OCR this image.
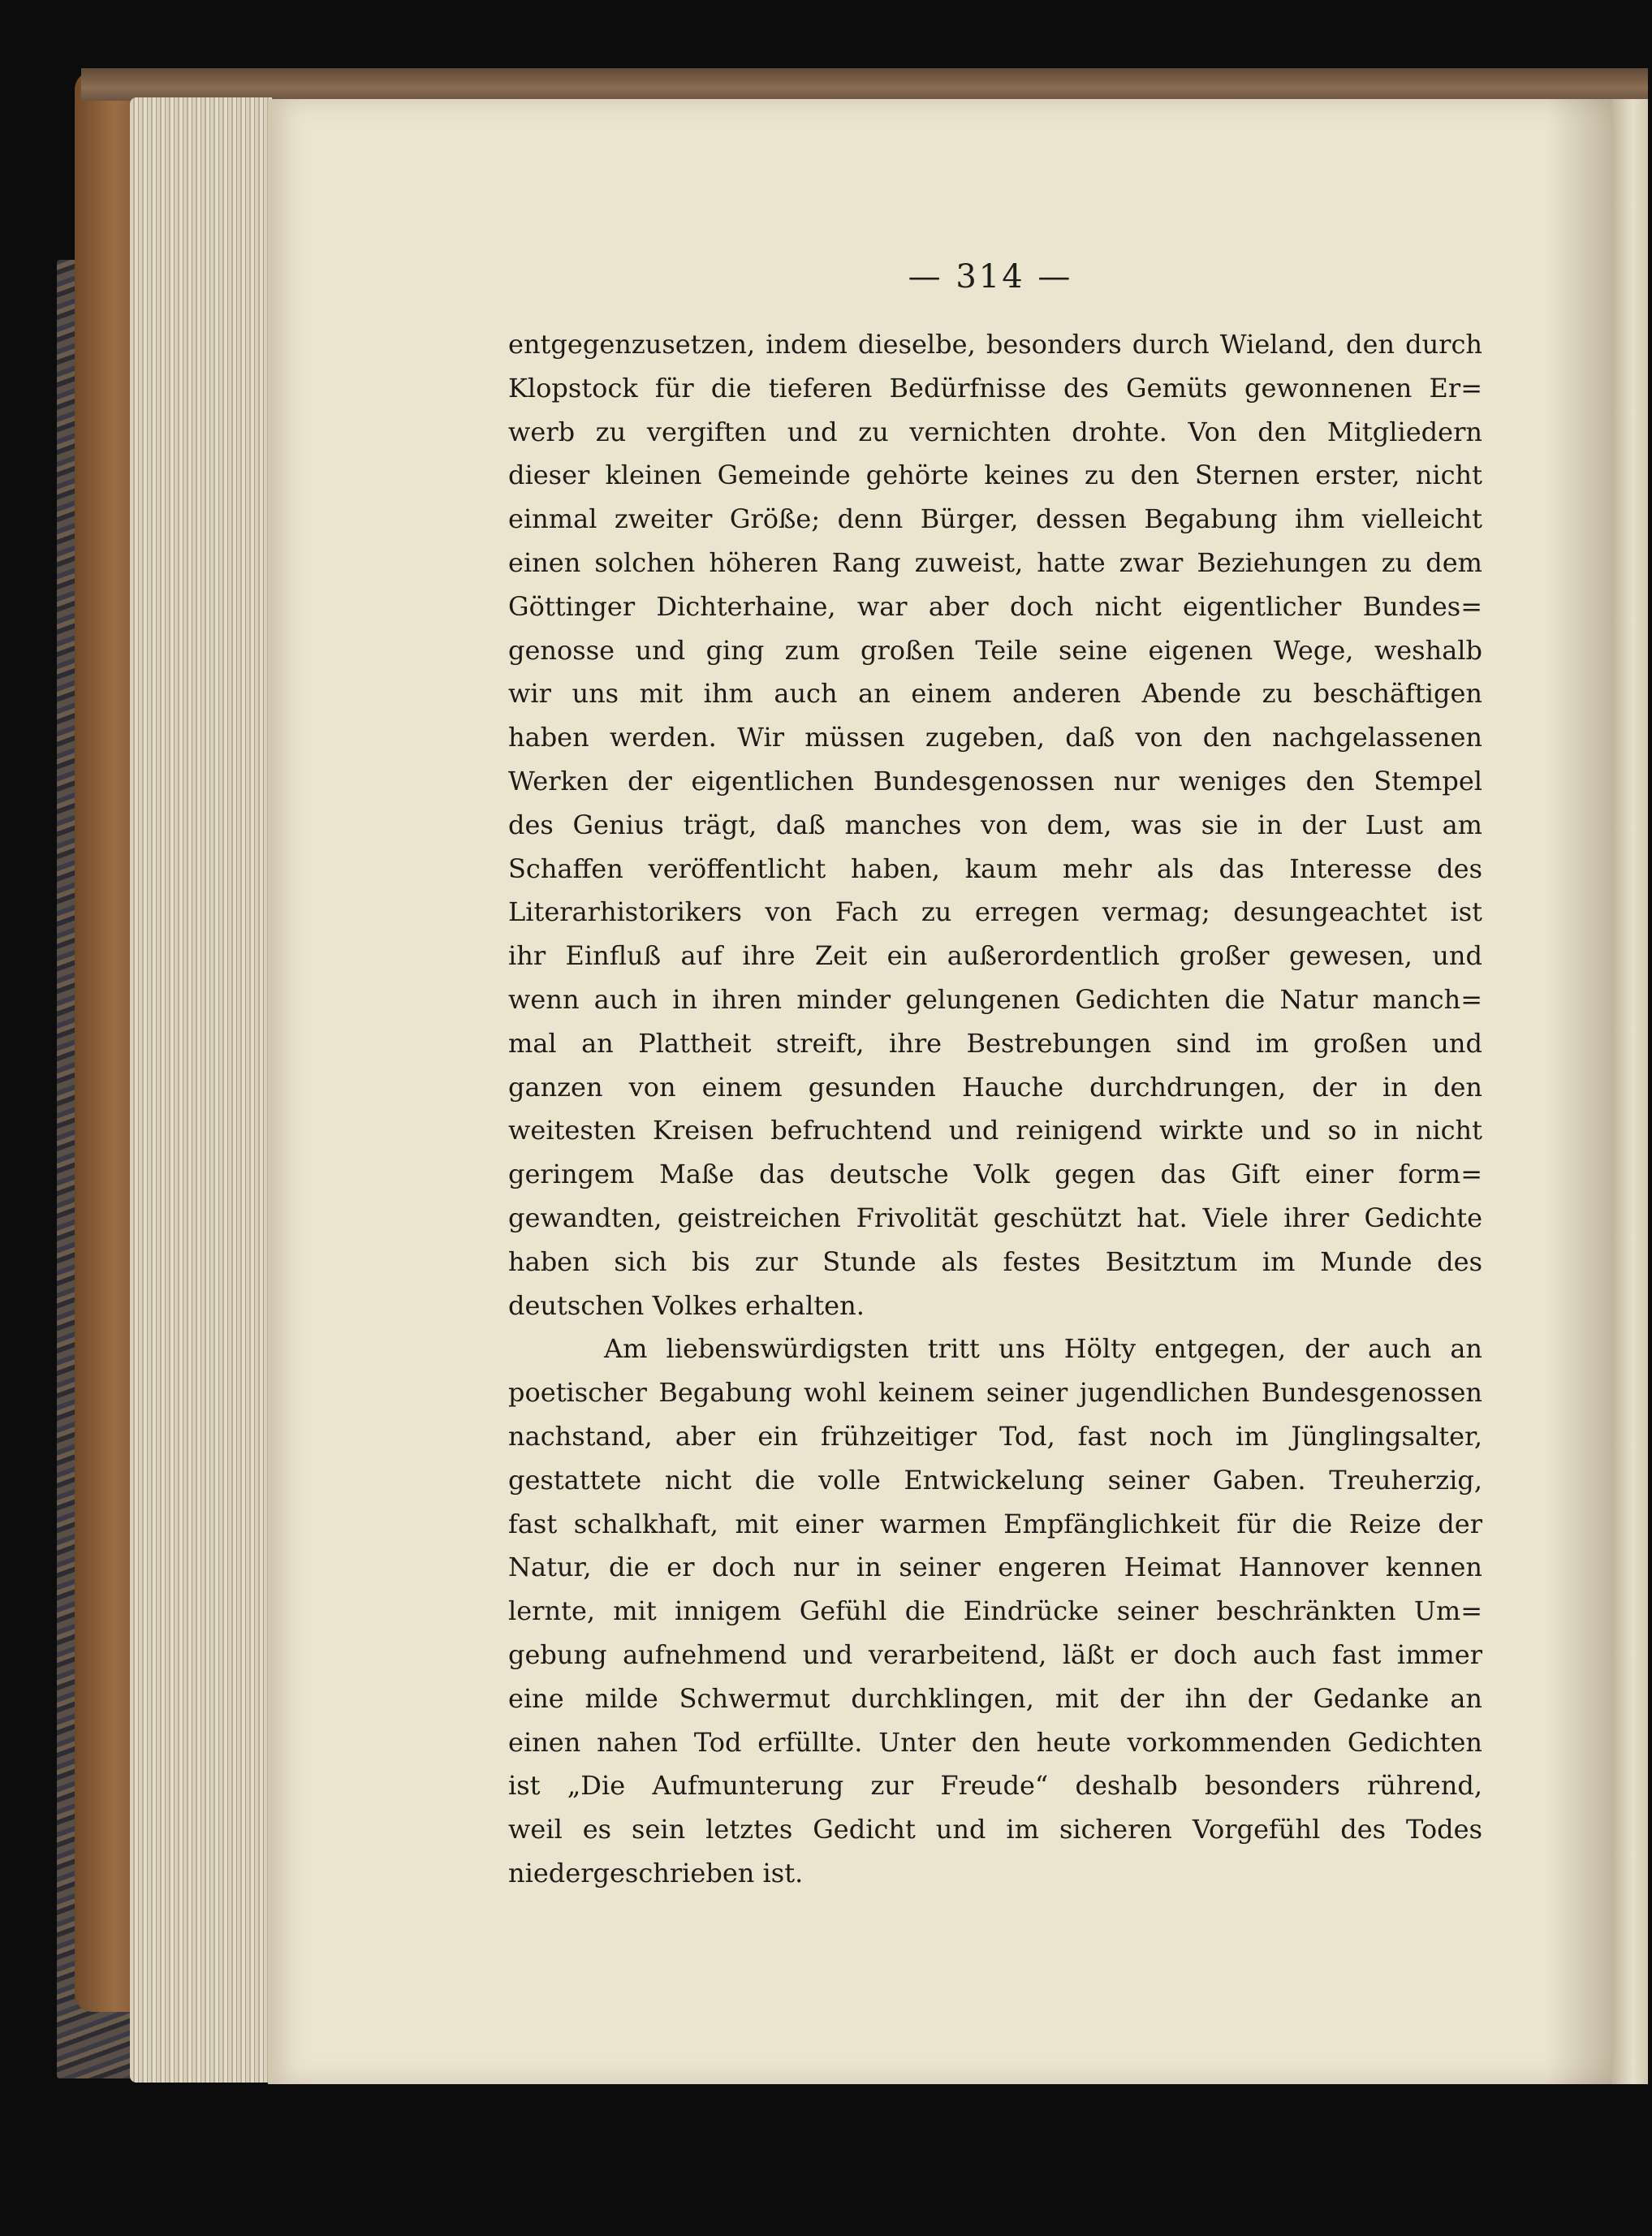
— 314 —
entgegenzusetzen, indem dieselbe, besonders durch Wieland, den durch
Klopstock für die tieferen Bedürfnisse des Gemüts gewonnenen Er=
werb zu vergiften und zu vernichten drohte. Von den Mitgliedern
dieser kleinen Gemeinde gehörte keines zu den Sternen erster, nicht
einmal zweiter Größe; denn Bürger, dessen Begabung ihm vielleicht
einen solchen höheren Rang zuweist, hatte zwar Beziehungen zu dem
Göttinger Dichterhaine, war aber doch nicht eigentlicher Bundes=
genosse und ging zum großen Teile seine eigenen Wege, weshalb
wir uns mit ihm auch an einem anderen Abende zu beschäftigen
haben werden. Wir müssen zugeben, daß von den nachgelassenen
Werken der eigentlichen Bundesgenossen nur weniges den Stempel
des Genius trägt, daß manches von dem, was sie in der Lust am
Schaffen veröffentlicht haben, kaum mehr als das Interesse des
Literarhistorikers von Fach zu erregen vermag; desungeachtet ist
ihr Einfluß auf ihre Zeit ein außerordentlich großer gewesen, und
wenn auch in ihren minder gelungenen Gedichten die Natur manch=
mal an Plattheit streift, ihre Bestrebungen sind im großen und
ganzen von einem gesunden Hauche durchdrungen, der in den
weitesten Kreisen befruchtend und reinigend wirkte und so in nicht
geringem Maße das deutsche Volk gegen das Gift einer form=
gewandten, geistreichen Frivolität geschützt hat. Viele ihrer Gedichte
haben sich bis zur Stunde als festes Besitztum im Munde des
deutschen Volkes erhalten.
Am liebenswürdigsten tritt uns Hölty entgegen, der auch an
poetischer Begabung wohl keinem seiner jugendlichen Bundesgenossen
nachstand, aber ein frühzeitiger Tod, fast noch im Jünglingsalter,
gestattete nicht die volle Entwickelung seiner Gaben. Treuherzig,
fast schalkhaft, mit einer warmen Empfänglichkeit für die Reize der
Natur, die er doch nur in seiner engeren Heimat Hannover kennen
lernte, mit innigem Gefühl die Eindrücke seiner beschränkten Um=
gebung aufnehmend und verarbeitend, läßt er doch auch fast immer
eine milde Schwermut durchklingen, mit der ihn der Gedanke an
einen nahen Tod erfüllte. Unter den heute vorkommenden Gedichten
ist „Die Aufmunterung zur Freude“ deshalb besonders rührend,
weil es sein letztes Gedicht und im sicheren Vorgefühl des Todes
niedergeschrieben ist.
